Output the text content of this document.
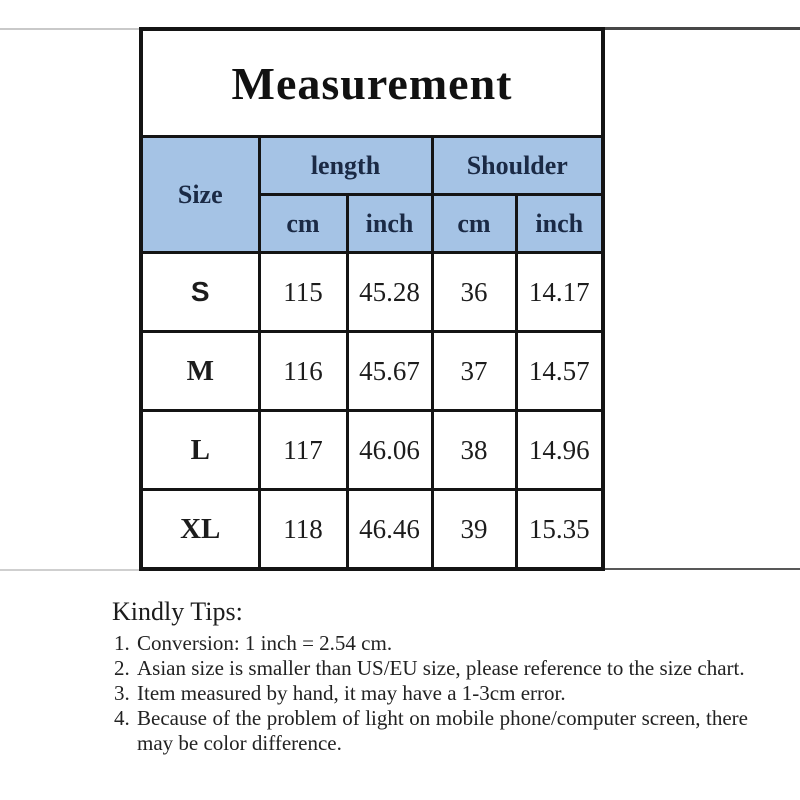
Measurement				
Size	length		Shoulder	
	cm	inch	cm	inch
S	115	45.28	36	14.17
M	116	45.67	37	14.57
L	117	46.06	38	14.96
XL	118	46.46	39	15.35
Kindly Tips:
1. Conversion: 1 inch = 2.54 cm.
2. Asian size is smaller than US/EU size, please reference to the size chart.
3. Item measured by hand, it may have a 1-3cm error.
4. Because of the problem of light on mobile phone/computer screen, there may be color difference.
